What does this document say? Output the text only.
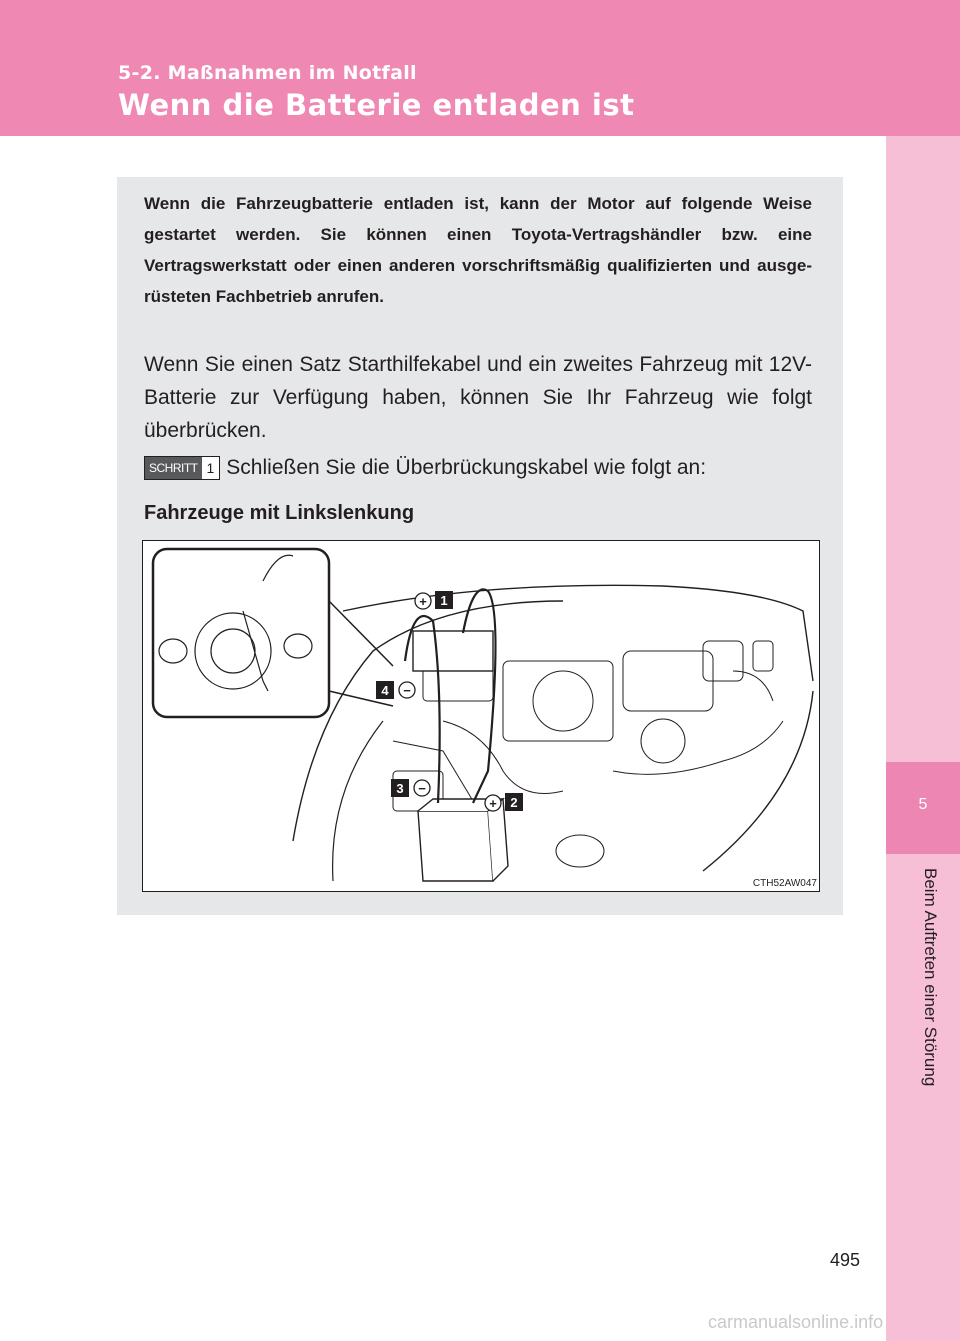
5-2. Maßnahmen im Notfall
Wenn die Batterie entladen ist
5
Beim Auftreten einer Störung
Wenn die Fahrzeugbatterie entladen ist, kann der Motor auf folgende Weise gestartet werden. Sie können einen Toyota-Vertragshändler bzw. eine Vertragswerkstatt oder einen anderen vorschriftsmäßig qualifizierten und ausgerüsteten Fachbetrieb anrufen.
Wenn Sie einen Satz Starthilfekabel und ein zweites Fahrzeug mit 12V-Batterie zur Verfügung haben, können Sie Ihr Fahrzeug wie folgt überbrücken.
SCHRITT 1 Schließen Sie die Überbrückungskabel wie folgt an:
Fahrzeuge mit Linkslenkung
+ 1
+ 2
3 −
4 −
CTH52AW047
495
carmanualsonline.info
